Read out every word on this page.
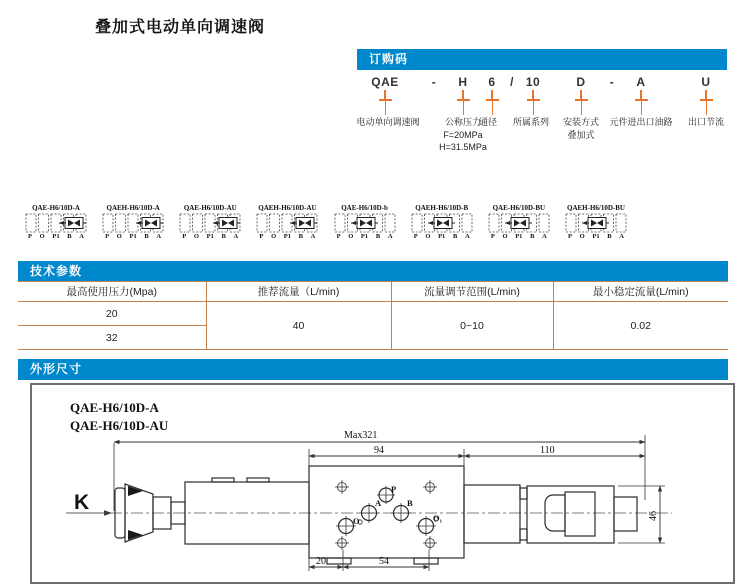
叠加式电动单向调速阀
订购码
QAE	- H 6 / 10	D - A	U
电动单向调速阀	公称压力
F=20MPa
H=31.5MPa
通径 所属系列 安装方式
叠加式
元件进出口油路 出口节流
QAE-H6/10D-A
P O P1 B A
QAEH-H6/10D-A
P O P1 B A
QAE-H6/10D-AU
P O P1 B A
QAEH-H6/10D-AU
P O P1 B A
QAE-H6/10D-b
P O P1 B A
QAEH-H6/10D-B
P O P1 B A
QAE-H6/10D-BU
P O P1 B A
QAEH-H6/10D-BU
P O P1 B A
技术参数
最高使用压力(Mpa)	推荐流量（L/min)	流量调节范围(L/min)	最小稳定流量(L/min)
20	40	0~10	0.02
32			
外形尺寸
QAE-H6/10D-A
QAE-H6/10D-AU
K
P
A	B
O	O₁
Max321
94	110
46
20	54
